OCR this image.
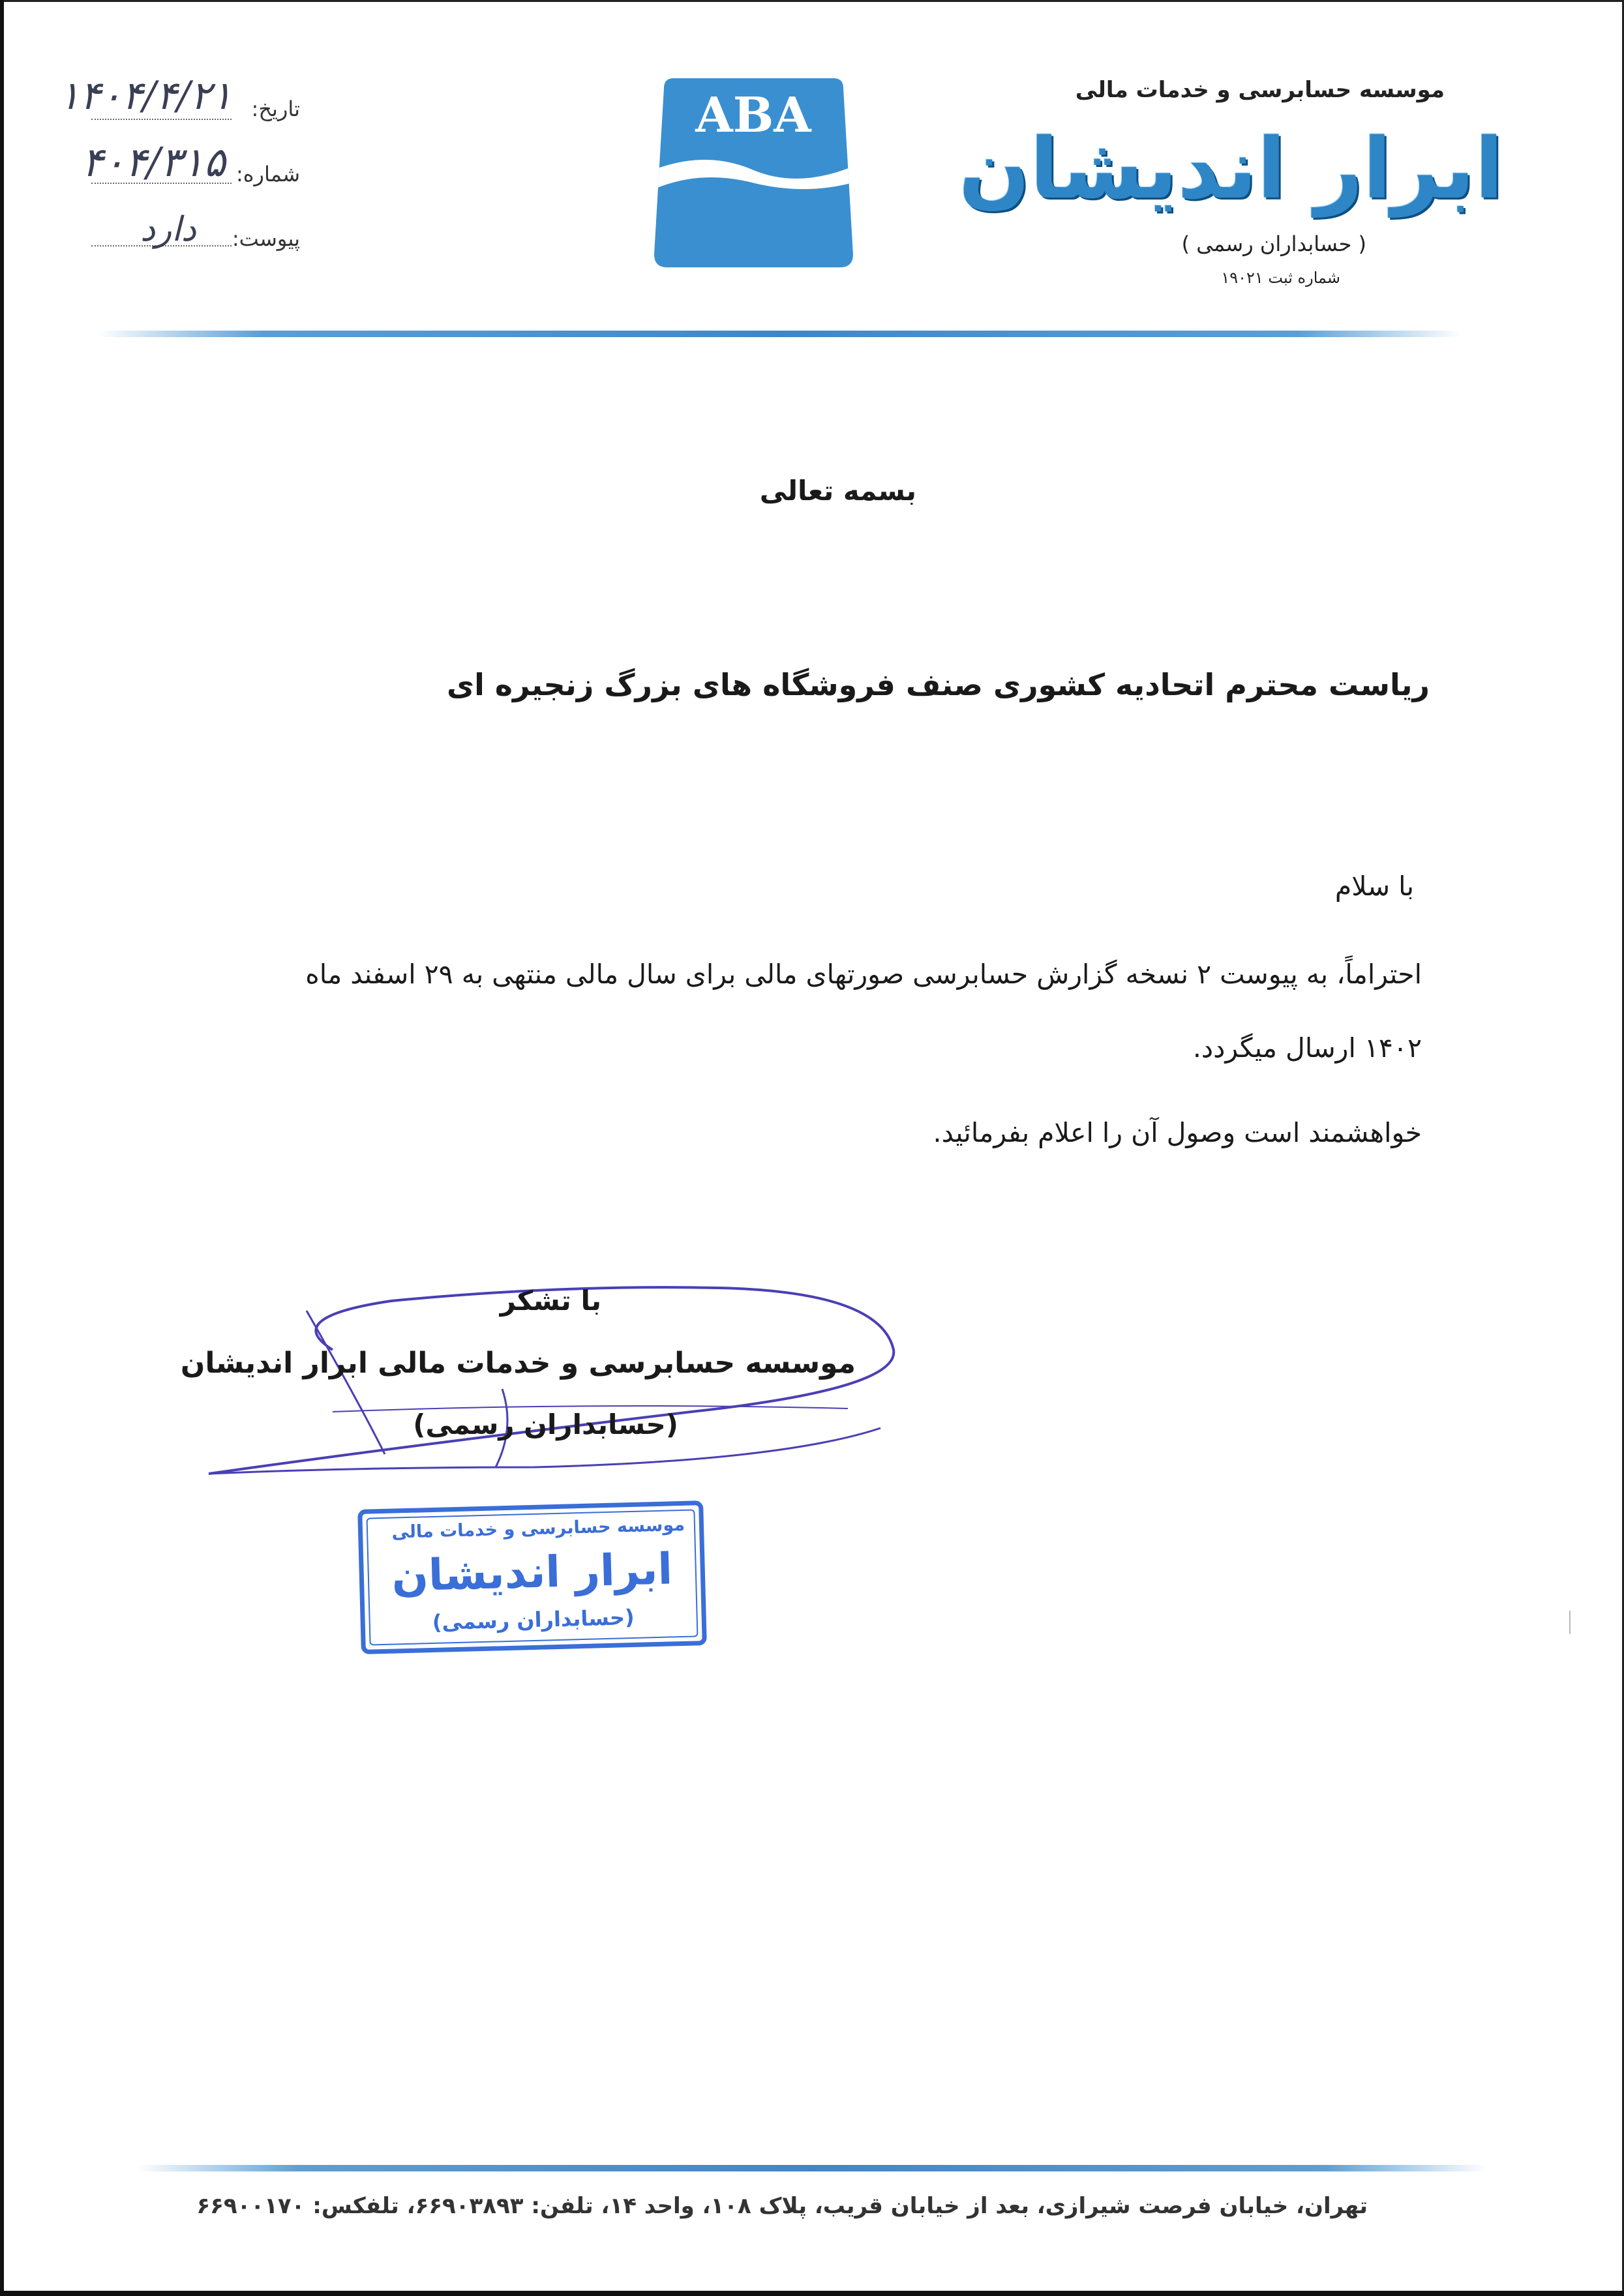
موسسه حسابرسی و خدمات مالی
ابرار اندیشان
( حسابداران رسمی )
شماره ثبت ۱۹۰۲۱
ABA
تاریخ:
۱۴۰۴/۴/۲۱
شماره:
۴۰۴/۳۱۵
پیوست:
دارد
بسمه تعالی
ریاست محترم اتحادیه کشوری صنف فروشگاه های بزرگ زنجیره ای
با سلام
احتراماً، به پیوست ۲ نسخه گزارش حسابرسی صورتهای مالی برای سال مالی منتهی به ۲۹ اسفند ماه
۱۴۰۲ ارسال میگردد.
خواهشمند است وصول آن را اعلام بفرمائید.
با تشکر
موسسه حسابرسی و خدمات مالی ابرار اندیشان
(حسابداران رسمی)
موسسه حسابرسی و خدمات مالی
ابرار اندیشان
(حسابداران رسمی)
تهران، خیابان فرصت شیرازی، بعد از خیابان قریب، پلاک ۱۰۸، واحد ۱۴، تلفن: ۶۶۹۰۳۸۹۳، تلفکس: ۶۶۹۰۰۱۷۰
